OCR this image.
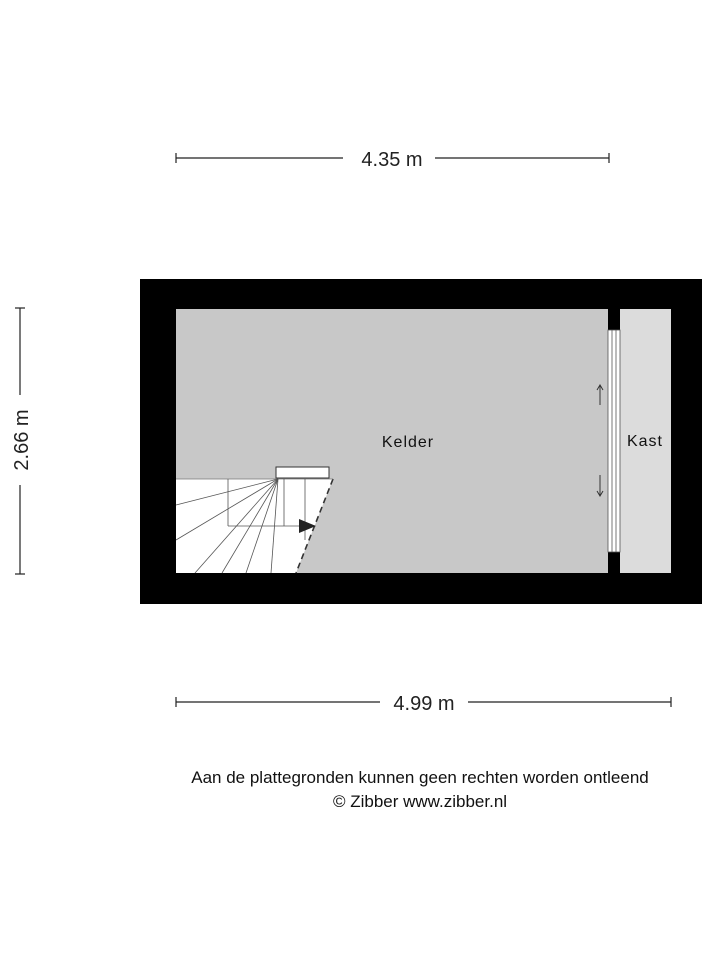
4.35 m
2.66 m	Kelder	Kast
4.99 m
Aan de plattegronden kunnen geen rechten worden ontleend
© Zibber www.zibber.nl
